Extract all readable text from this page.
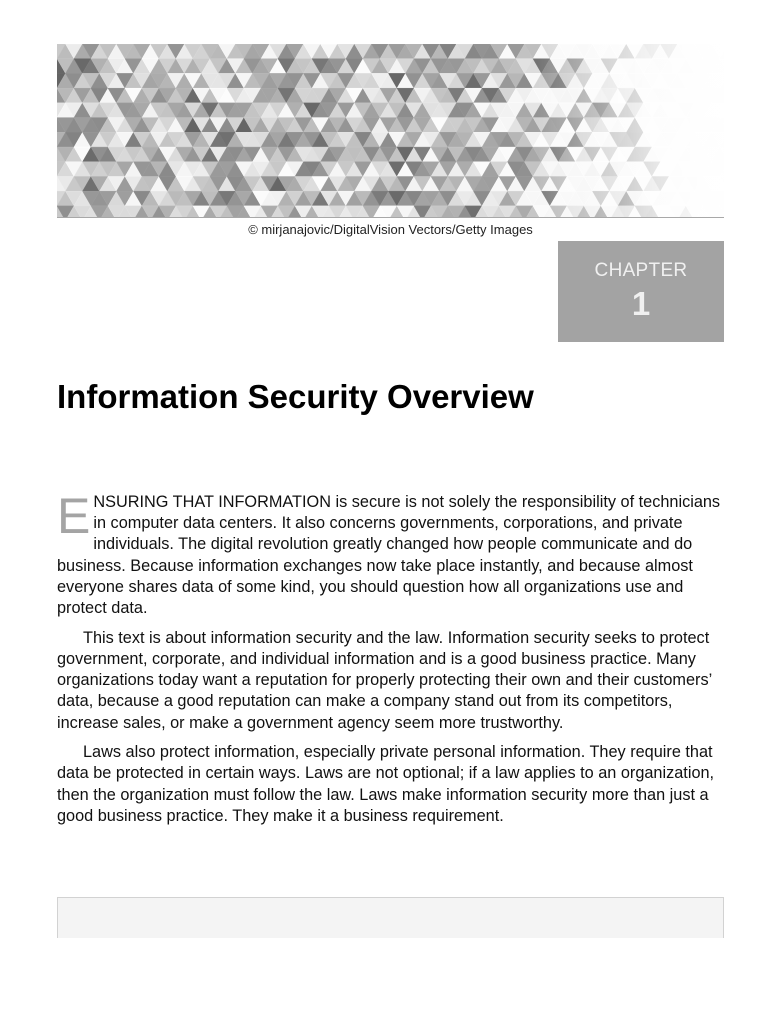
© mirjanajovic/DigitalVision Vectors/Getty Images
CHAPTER
1
Information Security Overview

ENSURING THAT INFORMATION is secure is not solely the responsibility of technicians in computer data centers. It also concerns governments, corporations, and private individuals. The digital revolution greatly changed how people communicate and do business. Because information exchanges now take place instantly, and because almost everyone shares data of some kind, you should question how all organizations use and protect data.

This text is about information security and the law. Information security seeks to protect government, corporate, and individual information and is a good business practice. Many organizations today want a reputation for properly protecting their own and their customers’ data, because a good reputation can make a company stand out from its competitors, increase sales, or make a government agency seem more trustworthy.

Laws also protect information, especially private personal information. They require that data be protected in certain ways. Laws are not optional; if a law applies to an organization, then the organization must follow the law. Laws make information security more than just a good business practice. They make it a business requirement.
